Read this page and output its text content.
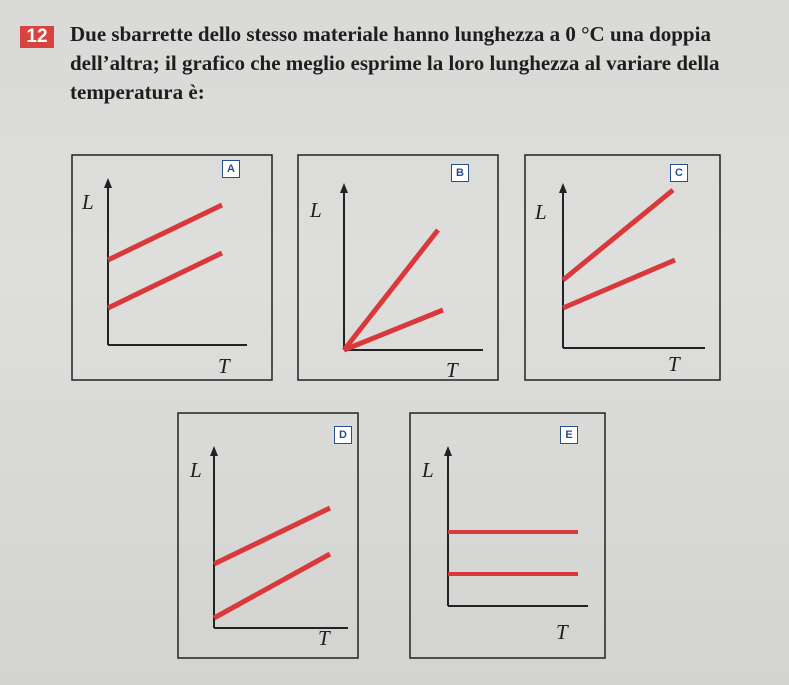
12	Due sbarrette dello stesso materiale hanno lunghezza a 0 °C una doppia dell’altra; il grafico che meglio esprime la loro lunghezza al variare della temperatura è:
A
L
T
B
L
T
C
L
T
D
L
T
E
L
T
